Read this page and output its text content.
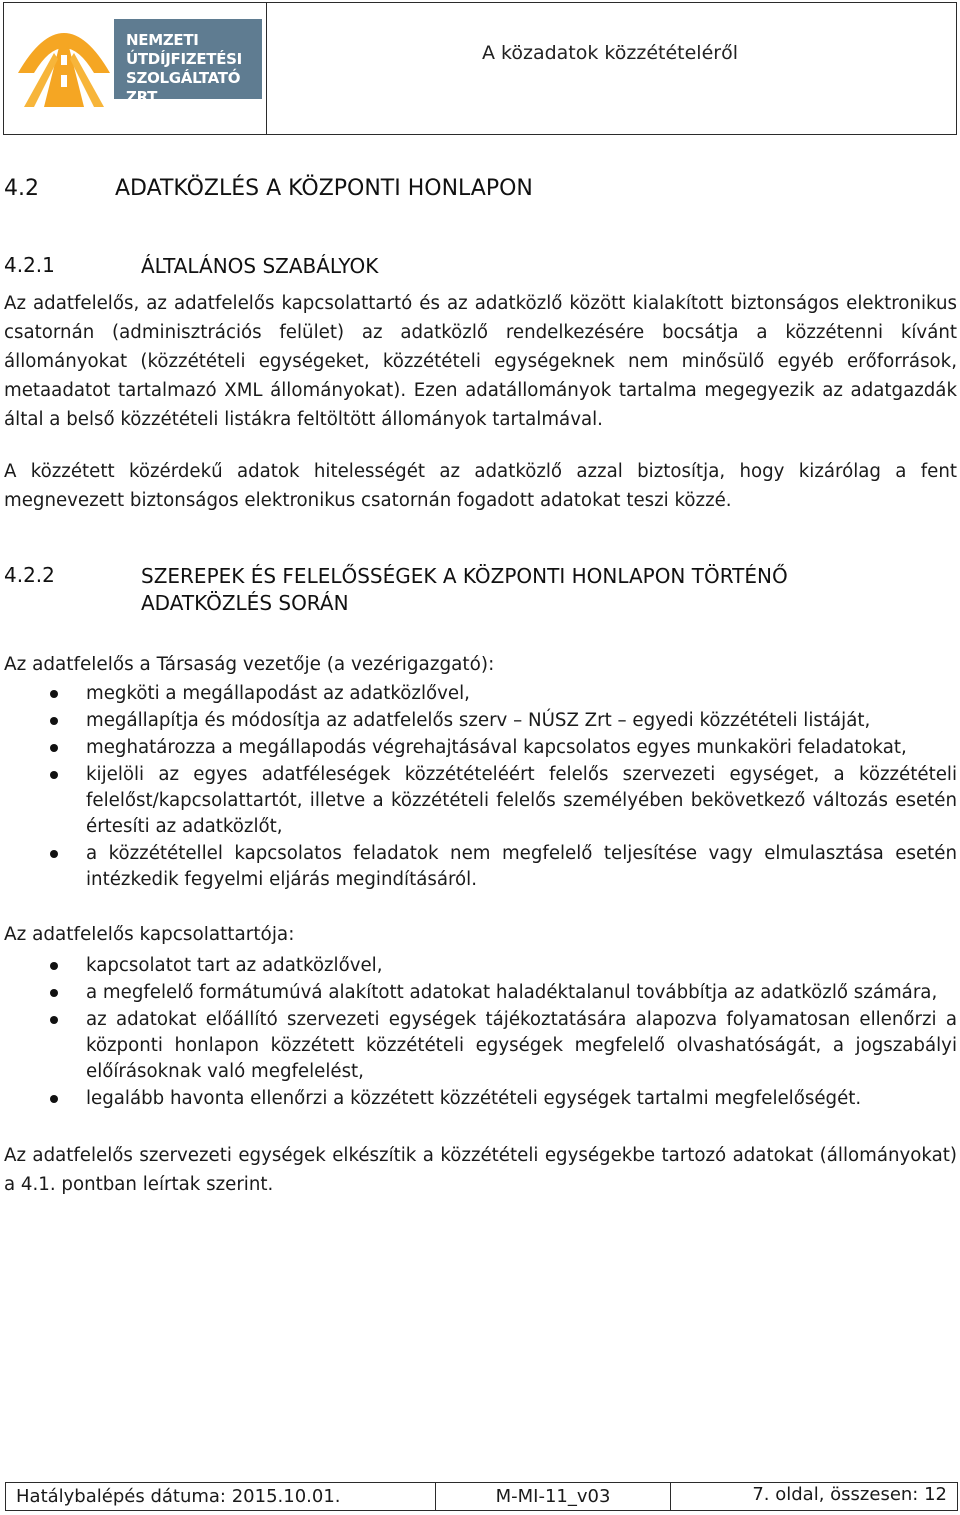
NEMZETI
ÚTDÍJFIZETÉSI
SZOLGÁLTATÓ ZRT.
A közadatok közzétételéről
4.2	ADATKÖZLÉS A KÖZPONTI HONLAPON
4.2.1	ÁLTALÁNOS SZABÁLYOK

Az adatfelelős, az adatfelelős kapcsolattartó és az adatközlő között kialakított biztonságos elektronikus csatornán (adminisztrációs felület) az adatközlő rendelkezésére bocsátja a közzétenni kívánt állományokat (közzétételi egységeket, közzétételi egységeknek nem minősülő egyéb erőforrások, metaadatot tartalmazó XML állományokat). Ezen adatállományok tartalma megegyezik az adatgazdák által a belső közzétételi listákra feltöltött állományok tartalmával.

A közzétett közérdekű adatok hitelességét az adatközlő azzal biztosítja, hogy kizárólag a fent megnevezett biztonságos elektronikus csatornán fogadott adatokat teszi közzé.

4.2.2	SZEREPEK ÉS FELELŐSSÉGEK A KÖZPONTI HONLAPON TÖRTÉNŐ ADATKÖZLÉS SORÁN
Az adatfelelős a Társaság vezetője (a vezérigazgató):
megköti a megállapodást az adatközlővel,
megállapítja és módosítja az adatfelelős szerv – NÚSZ Zrt – egyedi közzétételi listáját,
meghatározza a megállapodás végrehajtásával kapcsolatos egyes munkaköri feladatokat,
kijelöli az egyes adatféleségek közzétételéért felelős szervezeti egységet, a közzétételi felelőst/kapcsolattartót, illetve a közzétételi felelős személyében bekövetkező változás esetén értesíti az adatközlőt,
a közzététellel kapcsolatos feladatok nem megfelelő teljesítése vagy elmulasztása esetén intézkedik fegyelmi eljárás megindításáról.
Az adatfelelős kapcsolattartója:
kapcsolatot tart az adatközlővel,
a megfelelő formátumúvá alakított adatokat haladéktalanul továbbítja az adatközlő számára,
az adatokat előállító szervezeti egységek tájékoztatására alapozva folyamatosan ellenőrzi a központi honlapon közzétett közzétételi egységek megfelelő olvashatóságát, a jogszabályi előírásoknak való megfelelést,
legalább havonta ellenőrzi a közzétett közzétételi egységek tartalmi megfelelőségét.

Az adatfelelős szervezeti egységek elkészítik a közzétételi egységekbe tartozó adatokat (állományokat) a 4.1. pontban leírtak szerint.

Hatálybalépés dátuma: 2015.10.01.	M-MI-11_v03	7. oldal, összesen: 12
